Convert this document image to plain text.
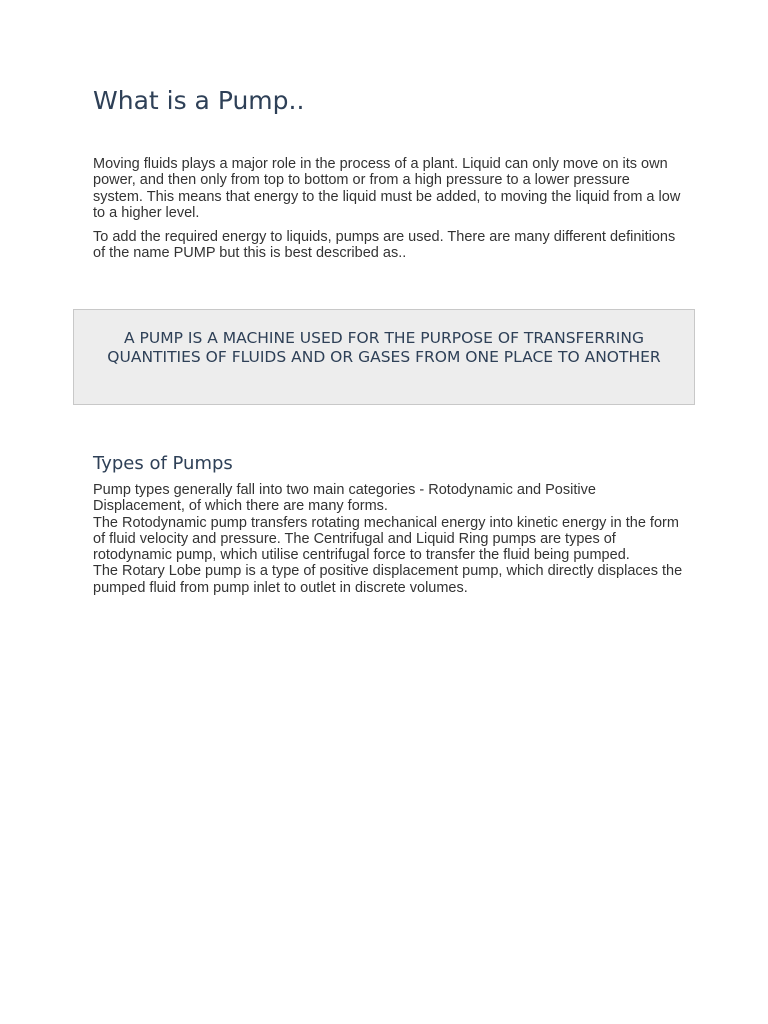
What is a Pump..

Moving fluids plays a major role in the process of a plant. Liquid can only move on its own power, and then only from top to bottom or from a high pressure to a lower pressure system. This means that energy to the liquid must be added, to moving the liquid from a low to a higher level.

To add the required energy to liquids, pumps are used. There are many different definitions of the name PUMP but this is best described as..

A PUMP IS A MACHINE USED FOR THE PURPOSE OF TRANSFERRING QUANTITIES OF FLUIDS AND OR GASES FROM ONE PLACE TO ANOTHER

Types of Pumps
Pump types generally fall into two main categories - Rotodynamic and Positive Displacement, of which there are many forms.
The Rotodynamic pump transfers rotating mechanical energy into kinetic energy in the form of fluid velocity and pressure. The Centrifugal and Liquid Ring pumps are types of rotodynamic pump, which utilise centrifugal force to transfer the fluid being pumped.
The Rotary Lobe pump is a type of positive displacement pump, which directly displaces the pumped fluid from pump inlet to outlet in discrete volumes.
